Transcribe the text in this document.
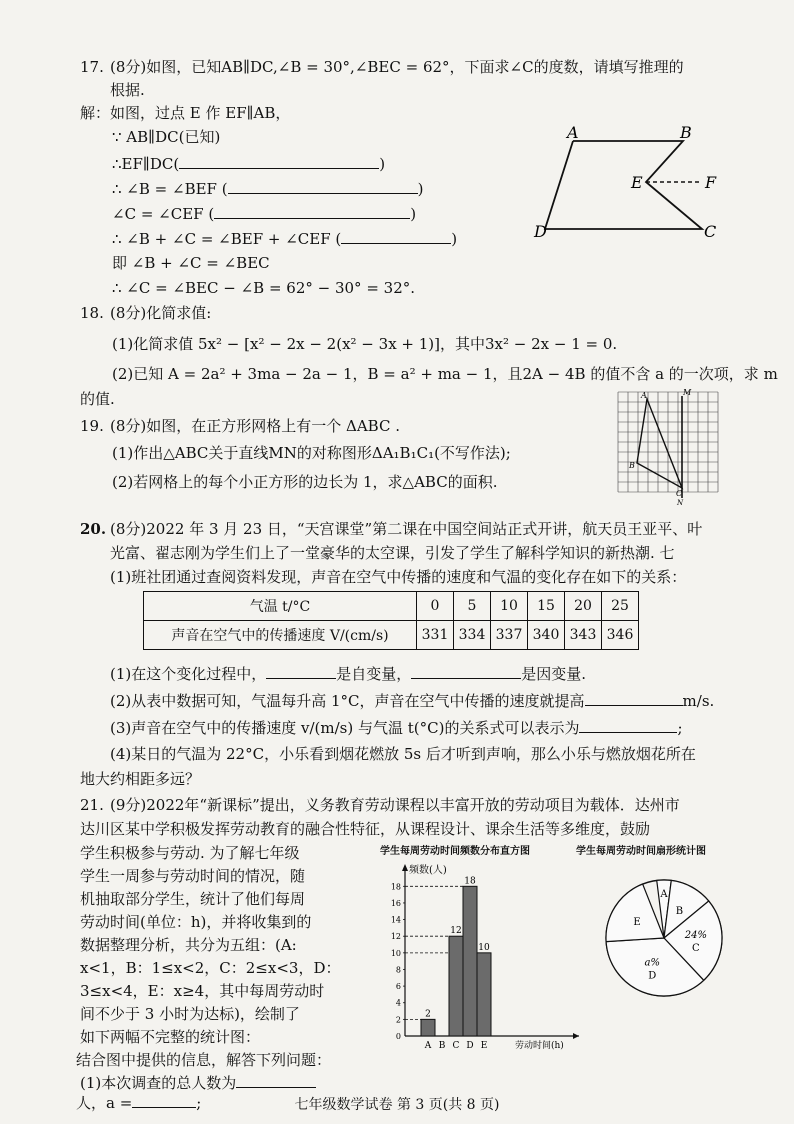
17. (8分)如图，已知AB∥DC,∠B = 30°,∠BEC = 62°，下面求∠C的度数，请填写推理的
根据.
解：如图，过点 E 作 EF∥AB，
∵ AB∥DC(已知)
∴EF∥DC(	)
∴ ∠B = ∠BEF (	)
∠C = ∠CEF (	)
∴ ∠B + ∠C = ∠BEF + ∠CEF (	)
即 ∠B + ∠C = ∠BEC
∴ ∠C = ∠BEC − ∠B = 62° − 30° = 32°.
A	B
E	F
D	C
18. (8分)化简求值:
(1)化简求值 5x² − [x² − 2x − 2(x² − 3x + 1)]，其中3x² − 2x − 1 = 0.
(2)已知 A = 2a² + 3ma − 2a − 1，B = a² + ma − 1，且2A − 4B 的值不含 a 的一次项，求 m
的值.
19. (8分)如图，在正方形网格上有一个 ΔABC .
(1)作出△ABC关于直线MN的对称图形ΔA₁B₁C₁(不写作法);
(2)若网格上的每个小正方形的边长为 1，求△ABC的面积.
M
A
B
C
N
20. (8分)2022 年 3 月 23 日，“天宫课堂”第二课在中国空间站正式开讲，航天员王亚平、叶
光富、翟志刚为学生们上了一堂豪华的太空课，引发了学生了解科学知识的新热潮. 七
(1)班社团通过查阅资料发现，声音在空气中传播的速度和气温的变化存在如下的关系：
气温 t/°C	0	5	10	15	20	25
声音在空气中的传播速度 V/(cm/s)	331	334	337	340	343	346
(1)在这个变化过程中，	是自变量，	是因变量.
(2)从表中数据可知，气温每升高 1°C，声音在空气中传播的速度就提高	m/s.
(3)声音在空气中的传播速度 v/(m/s) 与气温 t(°C)的关系式可以表示为	;
(4)某日的气温为 22°C，小乐看到烟花燃放 5s 后才听到声响，那么小乐与燃放烟花所在
地大约相距多远？
21. (9分)2022年“新课标”提出，义务教育劳动课程以丰富开放的劳动项目为载体．达州市
达川区某中学积极发挥劳动教育的融合性特征，从课程设计、课余生活等多维度，鼓励
学生积极参与劳动. 为了解七年级
学生一周参与劳动时间的情况，随
机抽取部分学生，统计了他们每周
劳动时间(单位：h)，并将收集到的
数据整理分析，共分为五组：(A:
x<1，B：1≤x<2，C：2≤x<3，D：
3≤x<4，E：x≥4，其中每周劳动时
间不少于 3 小时为达标)，绘制了
如下两幅不完整的统计图：
结合图中提供的信息，解答下列问题：
(1)本次调查的总人数为
人，a =	;
学生每周劳动时间频数分布直方图	学生每周劳动时间扇形统计图
频数(人)
劳动时间(h)
0
2
4
6
8
10
12
14
16
18
A B C D E
2
12
18
10
A
B
24%
C
a%
D
E
七年级数学试卷 第 3 页(共 8 页)
